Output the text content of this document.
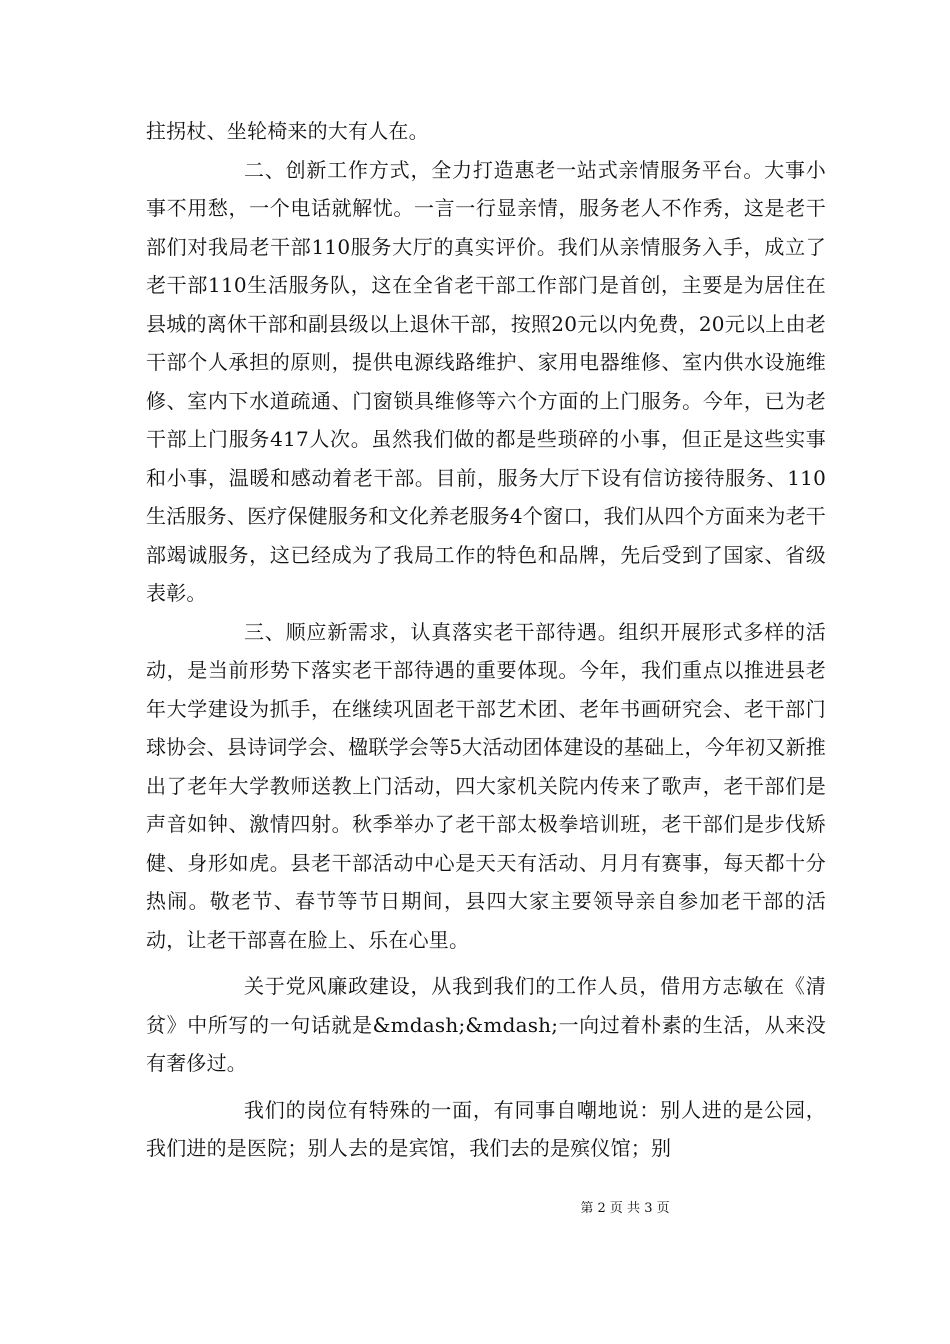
拄拐杖、坐轮椅来的大有人在。

二、创新工作方式，全力打造惠老一站式亲情服务平台。大事小事不用愁，一个电话就解忧。一言一行显亲情，服务老人不作秀，这是老干部们对我局老干部110服务大厅的真实评价。我们从亲情服务入手，成立了老干部110生活服务队，这在全省老干部工作部门是首创，主要是为居住在县城的离休干部和副县级以上退休干部，按照20元以内免费，20元以上由老干部个人承担的原则，提供电源线路维护、家用电器维修、室内供水设施维修、室内下水道疏通、门窗锁具维修等六个方面的上门服务。今年，已为老干部上门服务417人次。虽然我们做的都是些琐碎的小事，但正是这些实事和小事，温暖和感动着老干部。目前，服务大厅下设有信访接待服务、110生活服务、医疗保健服务和文化养老服务4个窗口，我们从四个方面来为老干部竭诚服务，这已经成为了我局工作的特色和品牌，先后受到了国家、省级表彰。

三、顺应新需求，认真落实老干部待遇。组织开展形式多样的活动，是当前形势下落实老干部待遇的重要体现。今年，我们重点以推进县老年大学建设为抓手，在继续巩固老干部艺术团、老年书画研究会、老干部门球协会、县诗词学会、楹联学会等5大活动团体建设的基础上，今年初又新推出了老年大学教师送教上门活动，四大家机关院内传来了歌声，老干部们是声音如钟、激情四射。秋季举办了老干部太极拳培训班，老干部们是步伐矫健、身形如虎。县老干部活动中心是天天有活动、月月有赛事，每天都十分热闹。敬老节、春节等节日期间，县四大家主要领导亲自参加老干部的活动，让老干部喜在脸上、乐在心里。

关于党风廉政建设，从我到我们的工作人员，借用方志敏在《清贫》中所写的一句话就是&mdash;&mdash;一向过着朴素的生活，从来没有奢侈过。

我们的岗位有特殊的一面，有同事自嘲地说：别人进的是公园，我们进的是医院；别人去的是宾馆，我们去的是殡仪馆；别

第 2 页 共 3 页
